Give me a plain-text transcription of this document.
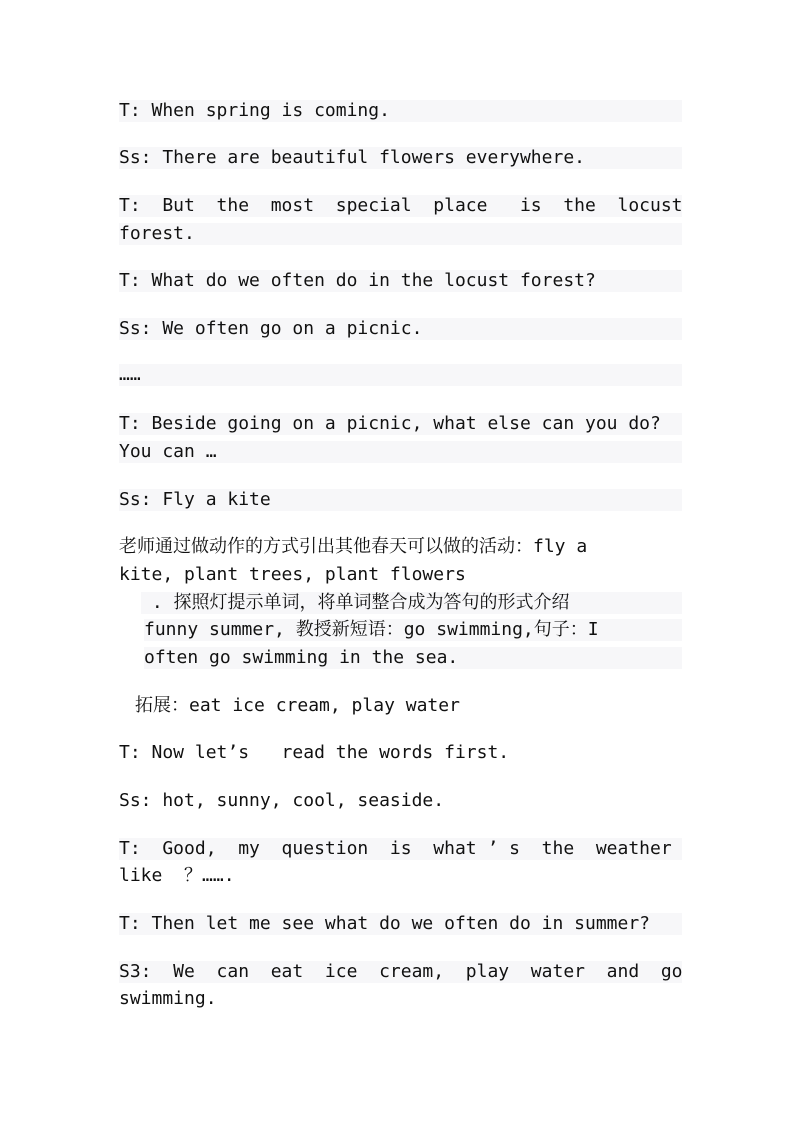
T: When spring is coming.

Ss: There are beautiful flowers everywhere.

T:  But  the  most  special  place   is  the  locust

forest.

T: What do we often do in the locust forest?

Ss: We often go on a picnic.

……

T: Beside going on a picnic, what else can you do?

You can …

Ss: Fly a kite

老师通过做动作的方式引出其他春天可以做的活动：fly a

kite, plant trees, plant flowers

. 探照灯提示单词，将单词整合成为答句的形式介绍

funny summer, 教授新短语：go swimming,句子：I

often go swimming in the sea.

拓展：eat ice cream, play water

T: Now let’s   read the words first.

Ss: hot, sunny, cool, seaside.

T:  Good,  my  question  is  what ’ s  the  weather

like  ？…….

T: Then let me see what do we often do in summer?

S3:  We  can  eat  ice  cream,  play  water  and  go

swimming.
